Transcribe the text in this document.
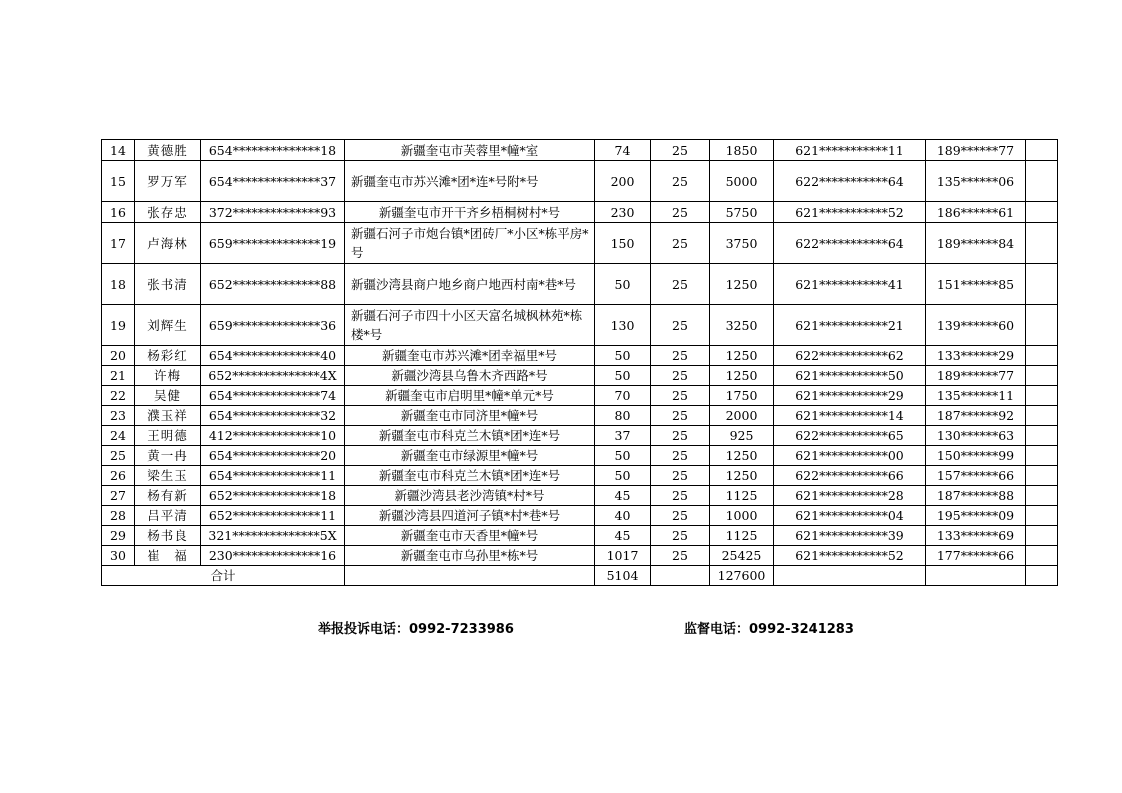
14	黄德胜	654**************18	新疆奎屯市芙蓉里*幢*室	74	25	1850	621***********11	189******77	
15	罗万军	654**************37	新疆奎屯市苏兴滩*团*连*号附*号	200	25	5000	622***********64	135******06	
16	张存忠	372**************93	新疆奎屯市开干齐乡梧桐树村*号	230	25	5750	621***********52	186******61	
17	卢海林	659**************19	新疆石河子市炮台镇*团砖厂*小区*栋平房*号	150	25	3750	622***********64	189******84	
18	张书清	652**************88	新疆沙湾县商户地乡商户地西村南*巷*号	50	25	1250	621***********41	151******85	
19	刘辉生	659**************36	新疆石河子市四十小区天富名城枫林苑*栋楼*号	130	25	3250	621***********21	139******60	
20	杨彩红	654**************40	新疆奎屯市苏兴滩*团幸福里*号	50	25	1250	622***********62	133******29	
21	许梅	652**************4X	新疆沙湾县乌鲁木齐西路*号	50	25	1250	621***********50	189******77	
22	吴健	654**************74	新疆奎屯市启明里*幢*单元*号	70	25	1750	621***********29	135******11	
23	濮玉祥	654**************32	新疆奎屯市同济里*幢*号	80	25	2000	621***********14	187******92	
24	王明德	412**************10	新疆奎屯市科克兰木镇*团*连*号	37	25	925	622***********65	130******63	
25	黄一冉	654**************20	新疆奎屯市绿源里*幢*号	50	25	1250	621***********00	150******99	
26	梁生玉	654**************11	新疆奎屯市科克兰木镇*团*连*号	50	25	1250	622***********66	157******66	
27	杨有新	652**************18	新疆沙湾县老沙湾镇*村*号	45	25	1125	621***********28	187******88	
28	吕平清	652**************11	新疆沙湾县四道河子镇*村*巷*号	40	25	1000	621***********04	195******09	
29	杨书良	321**************5X	新疆奎屯市天香里*幢*号	45	25	1125	621***********39	133******69	
30	崔　福	230**************16	新疆奎屯市乌孙里*栋*号	1017	25	25425	621***********52	177******66	
合计				5104		127600			
举报投诉电话：0992-7233986	监督电话：0992-3241283
